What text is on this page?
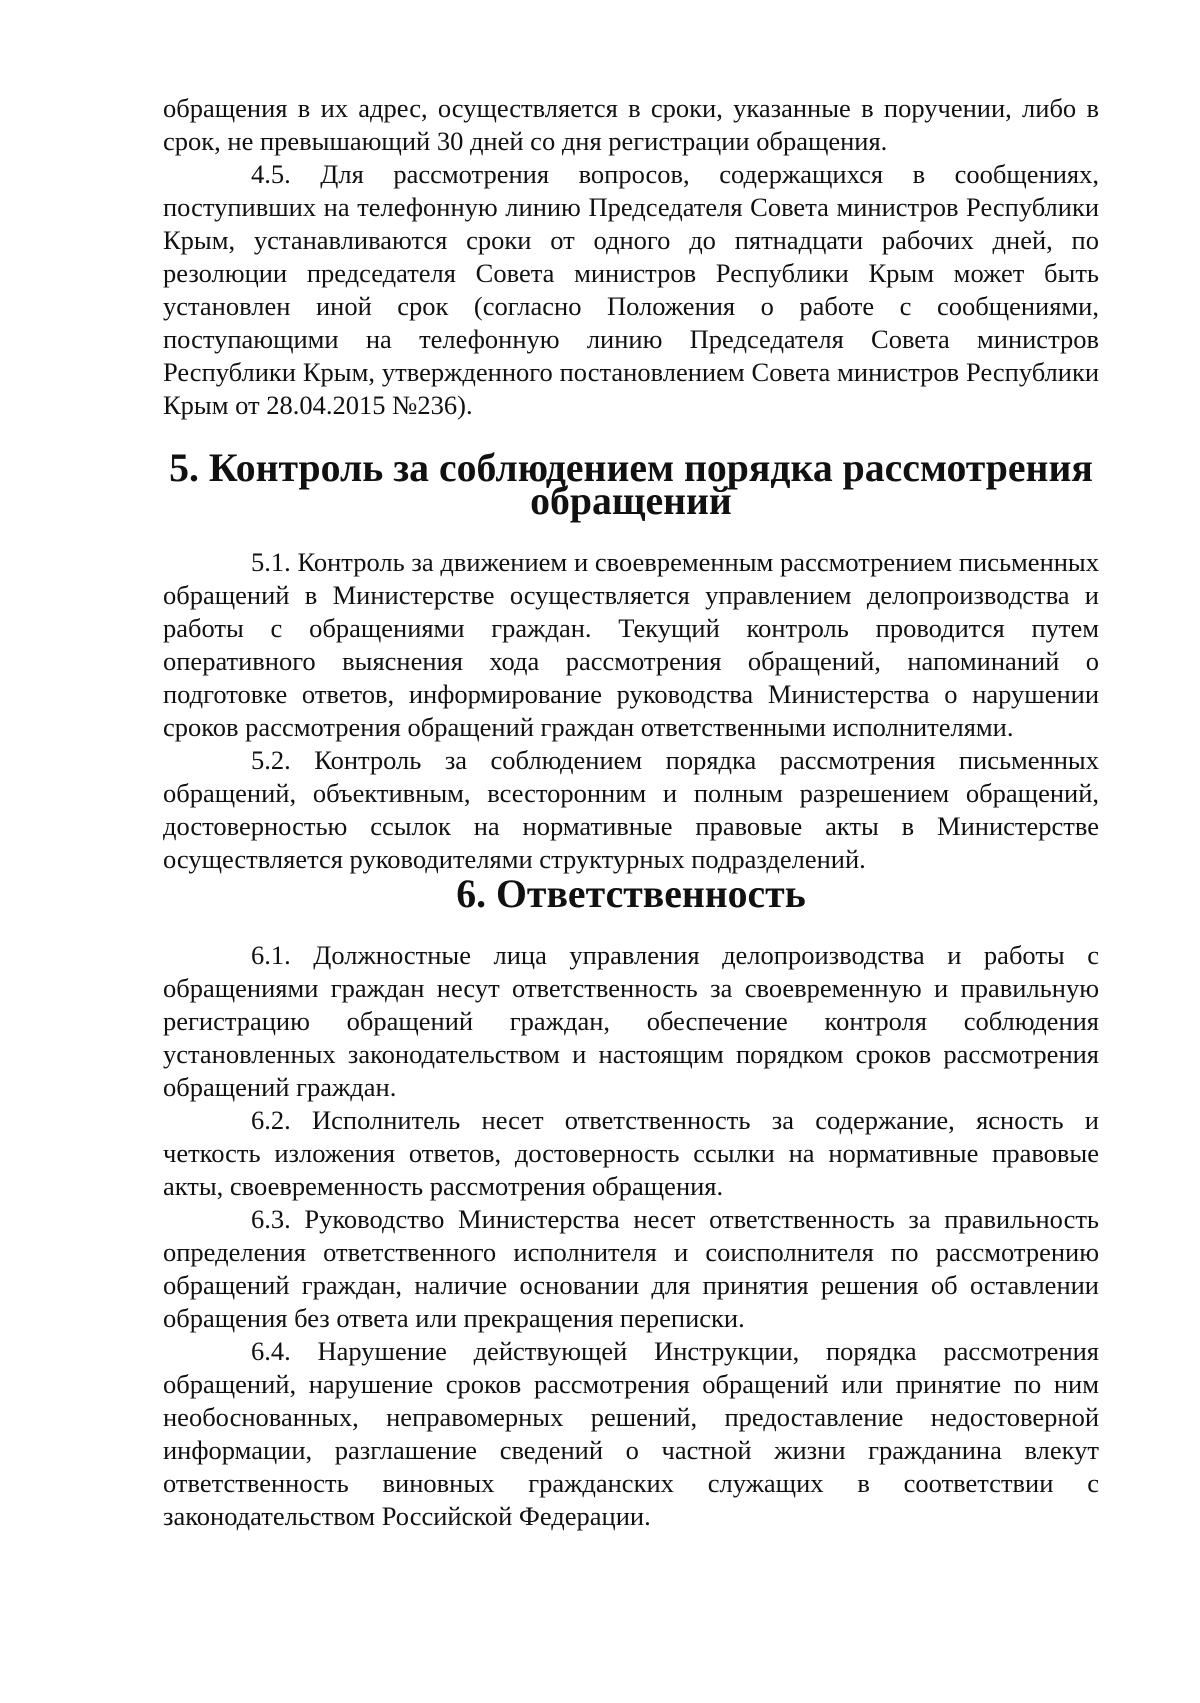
обращения в их адрес, осуществляется в сроки, указанные в поручении, либо в срок, не превышающий 30 дней со дня регистрации обращения.

4.5. Для рассмотрения вопросов, содержащихся в сообщениях, поступивших на телефонную линию Председателя Совета министров Республики Крым, устанавливаются сроки от одного до пятнадцати рабочих дней, по резолюции председателя Совета министров Республики Крым может быть установлен иной срок (согласно Положения о работе с сообщениями, поступающими на телефонную линию Председателя Совета министров Республики Крым, утвержденного постановлением Совета министров Республики Крым от 28.04.2015 №236).

5. Контроль за соблюдением порядка рассмотрения обращений

5.1. Контроль за движением и своевременным рассмотрением письменных обращений в Министерстве осуществляется управлением делопроизводства и работы с обращениями граждан. Текущий контроль проводится путем оперативного выяснения хода рассмотрения обращений, напоминаний о подготовке ответов, информирование руководства Министерства о нарушении сроков рассмотрения обращений граждан ответственными исполнителями.

5.2. Контроль за соблюдением порядка рассмотрения письменных обращений, объективным, всесторонним и полным разрешением обращений, достоверностью ссылок на нормативные правовые акты в Министерстве осуществляется руководителями структурных подразделений.

6. Ответственность

6.1. Должностные лица управления делопроизводства и работы с обращениями граждан несут ответственность за своевременную и правильную регистрацию обращений граждан, обеспечение контроля соблюдения установленных законодательством и настоящим порядком сроков рассмотрения обращений граждан.

6.2. Исполнитель несет ответственность за содержание, ясность и четкость изложения ответов, достоверность ссылки на нормативные правовые акты, своевременность рассмотрения обращения.

6.3. Руководство Министерства несет ответственность за правильность определения ответственного исполнителя и соисполнителя по рассмотрению обращений граждан, наличие основании для принятия решения об оставлении обращения без ответа или прекращения переписки.

6.4. Нарушение действующей Инструкции, порядка рассмотрения обращений, нарушение сроков рассмотрения обращений или принятие по ним необоснованных, неправомерных решений, предоставление недостоверной информации, разглашение сведений о частной жизни гражданина влекут ответственность виновных гражданских служащих в соответствии с законодательством Российской Федерации.
